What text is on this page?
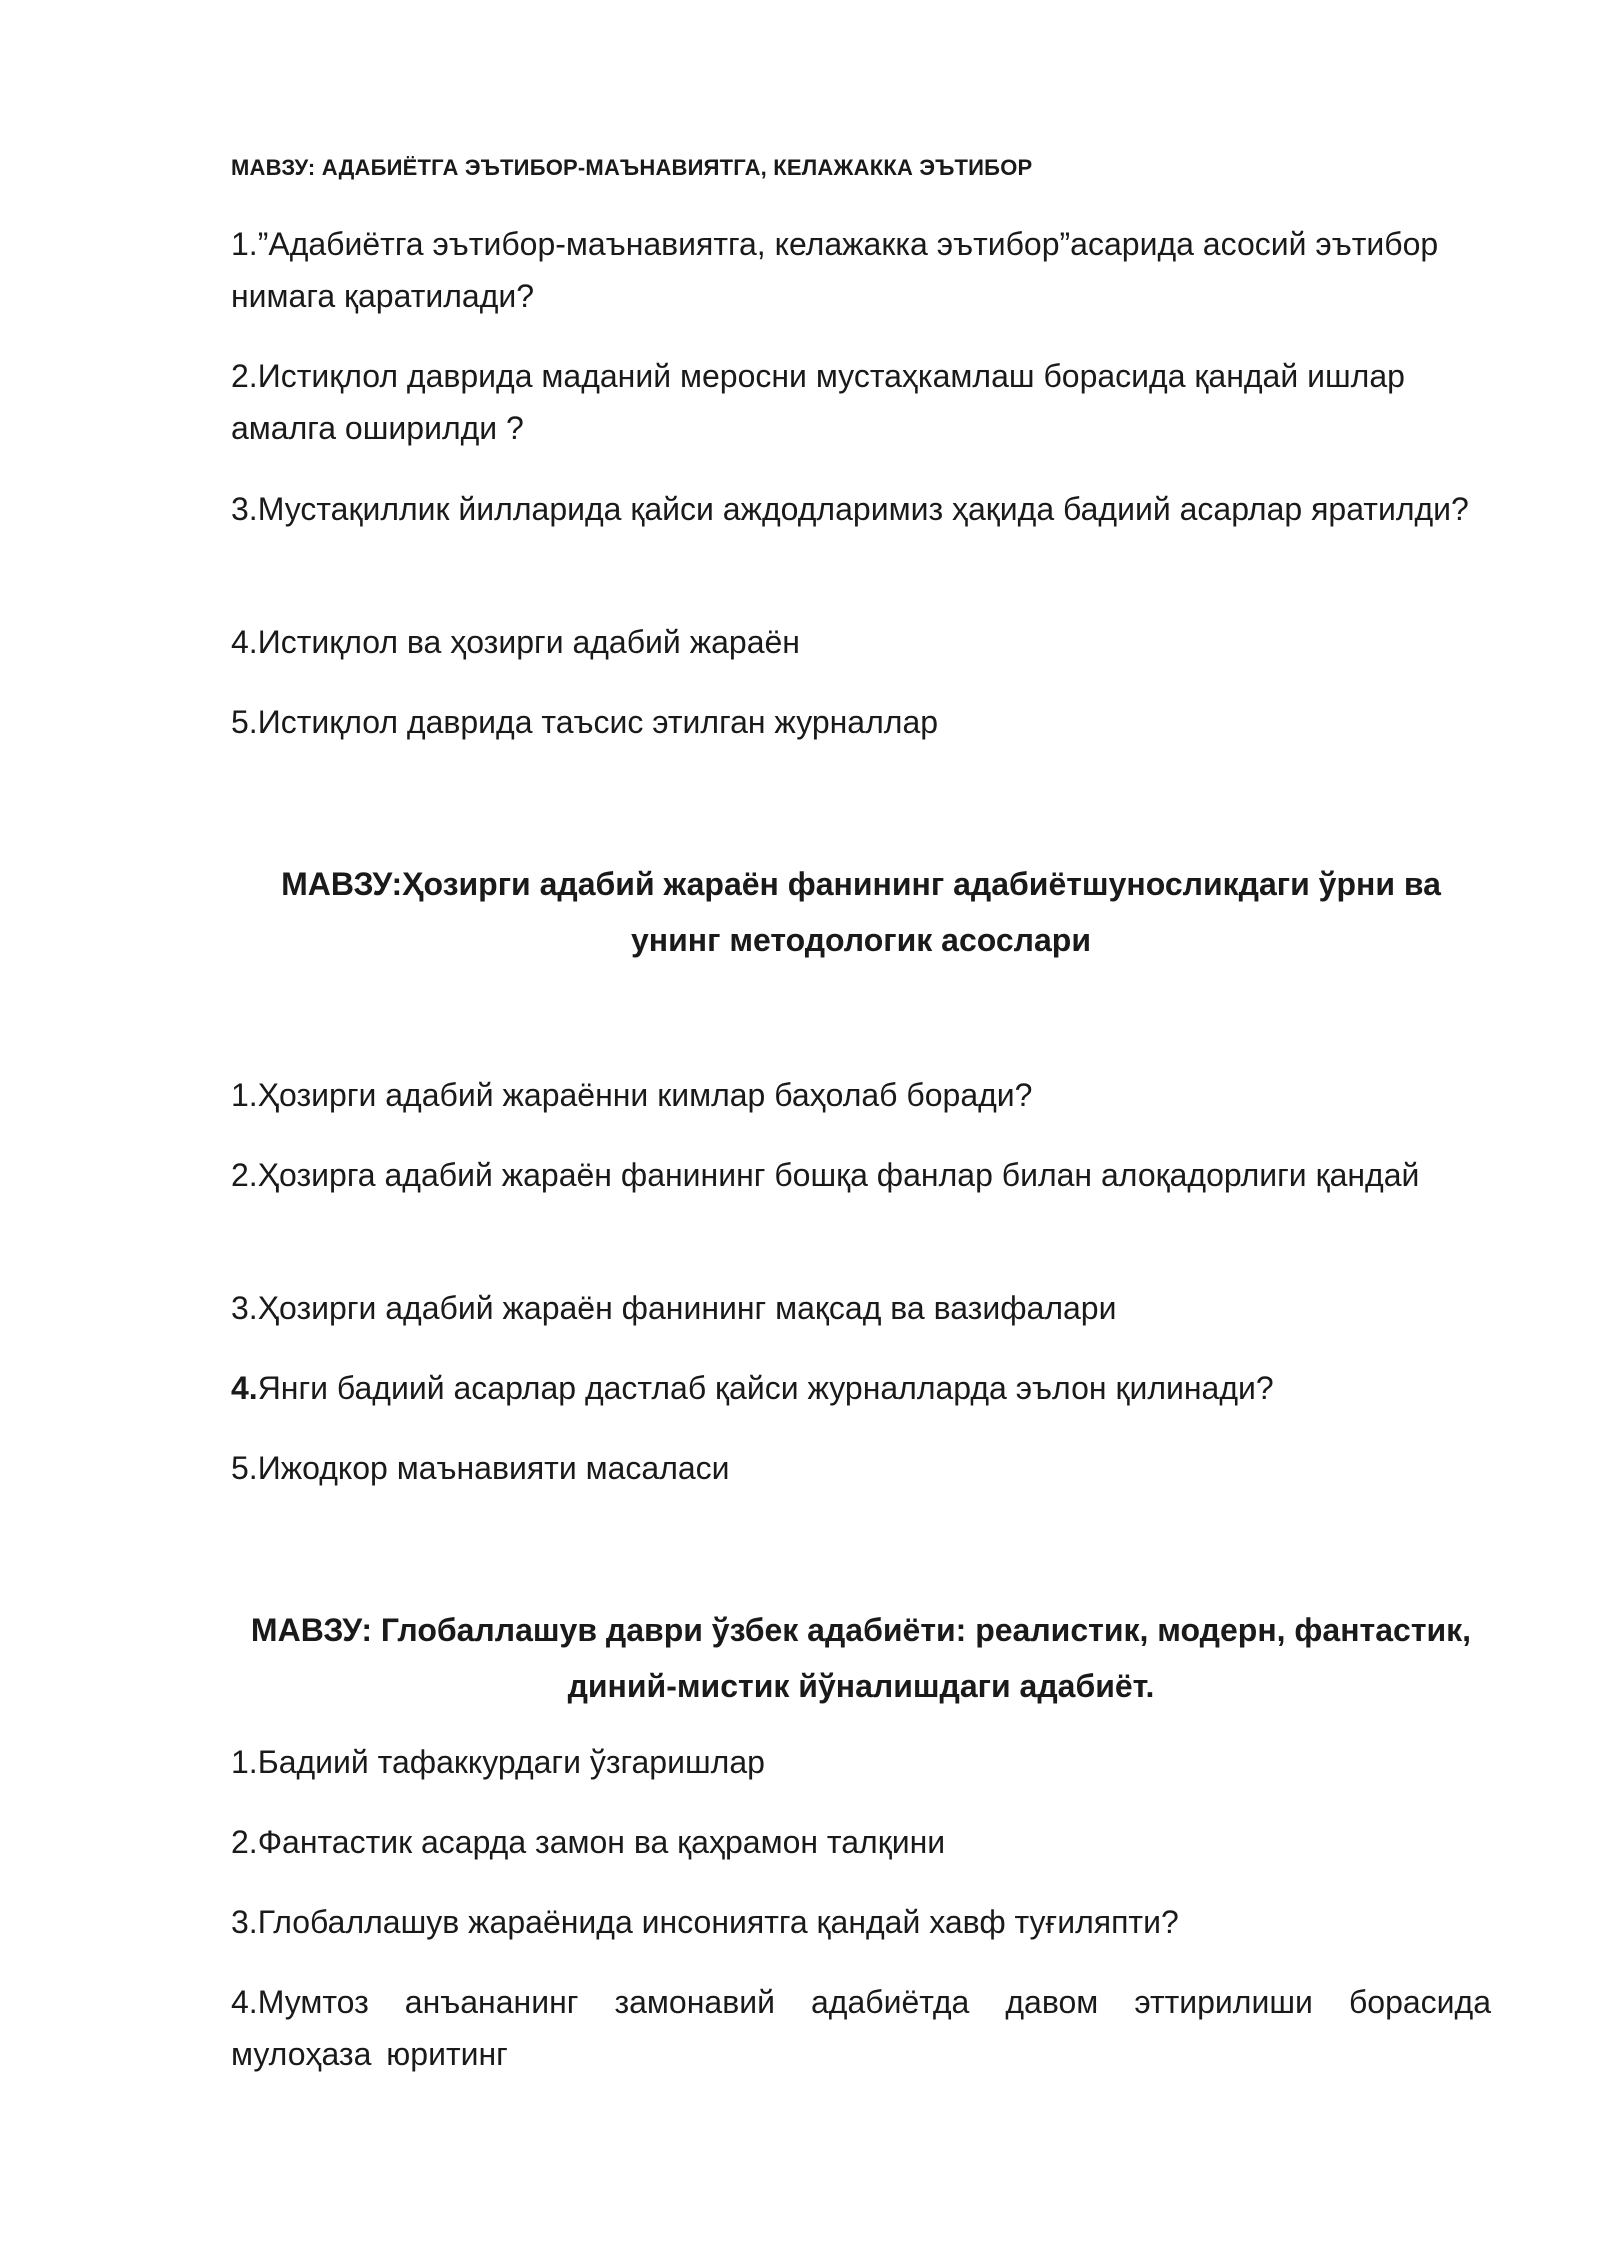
МАВЗУ: АДАБИЁТГА ЭЪТИБОР-МАЪНАВИЯТГА, КЕЛАЖАККА ЭЪТИБОР
1.”Адабиётга эътибор-маънавиятга, келажакка эътибор”асарида асосий эътибор нимага қаратилади?
2.Истиқлол даврида маданий меросни мустаҳкамлаш борасида қандай ишлар амалга оширилди ?
3.Мустақиллик йилларида қайси аждодларимиз ҳақида бадиий асарлар яратилди?
4.Истиқлол ва ҳозирги адабий жараён
5.Истиқлол даврида таъсис этилган журналлар
МАВЗУ:Ҳозирги адабий жараён фанининг адабиётшуносликдаги ўрни ва унинг методологик асослари
1.Ҳозирги адабий жараённи кимлар баҳолаб боради?
2.Ҳозирга адабий жараён фанининг бошқа фанлар билан алоқадорлиги қандай
3.Ҳозирги адабий жараён фанининг мақсад ва вазифалари
4.Янги бадиий асарлар дастлаб қайси журналларда эълон қилинади?
5.Ижодкор маънавияти масаласи
МАВЗУ: Глобаллашув даври ўзбек адабиёти: реалистик, модерн, фантастик, диний-мистик йўналишдаги адабиёт.
1.Бадиий тафаккурдаги ўзгаришлар
2.Фантастик асарда замон ва қаҳрамон талқини
3.Глобаллашув жараёнида инсониятга қандай хавф туғиляпти?
4.Мумтоз анъананинг замонавий адабиётда давом эттирилиши борасида мулоҳаза юритинг
